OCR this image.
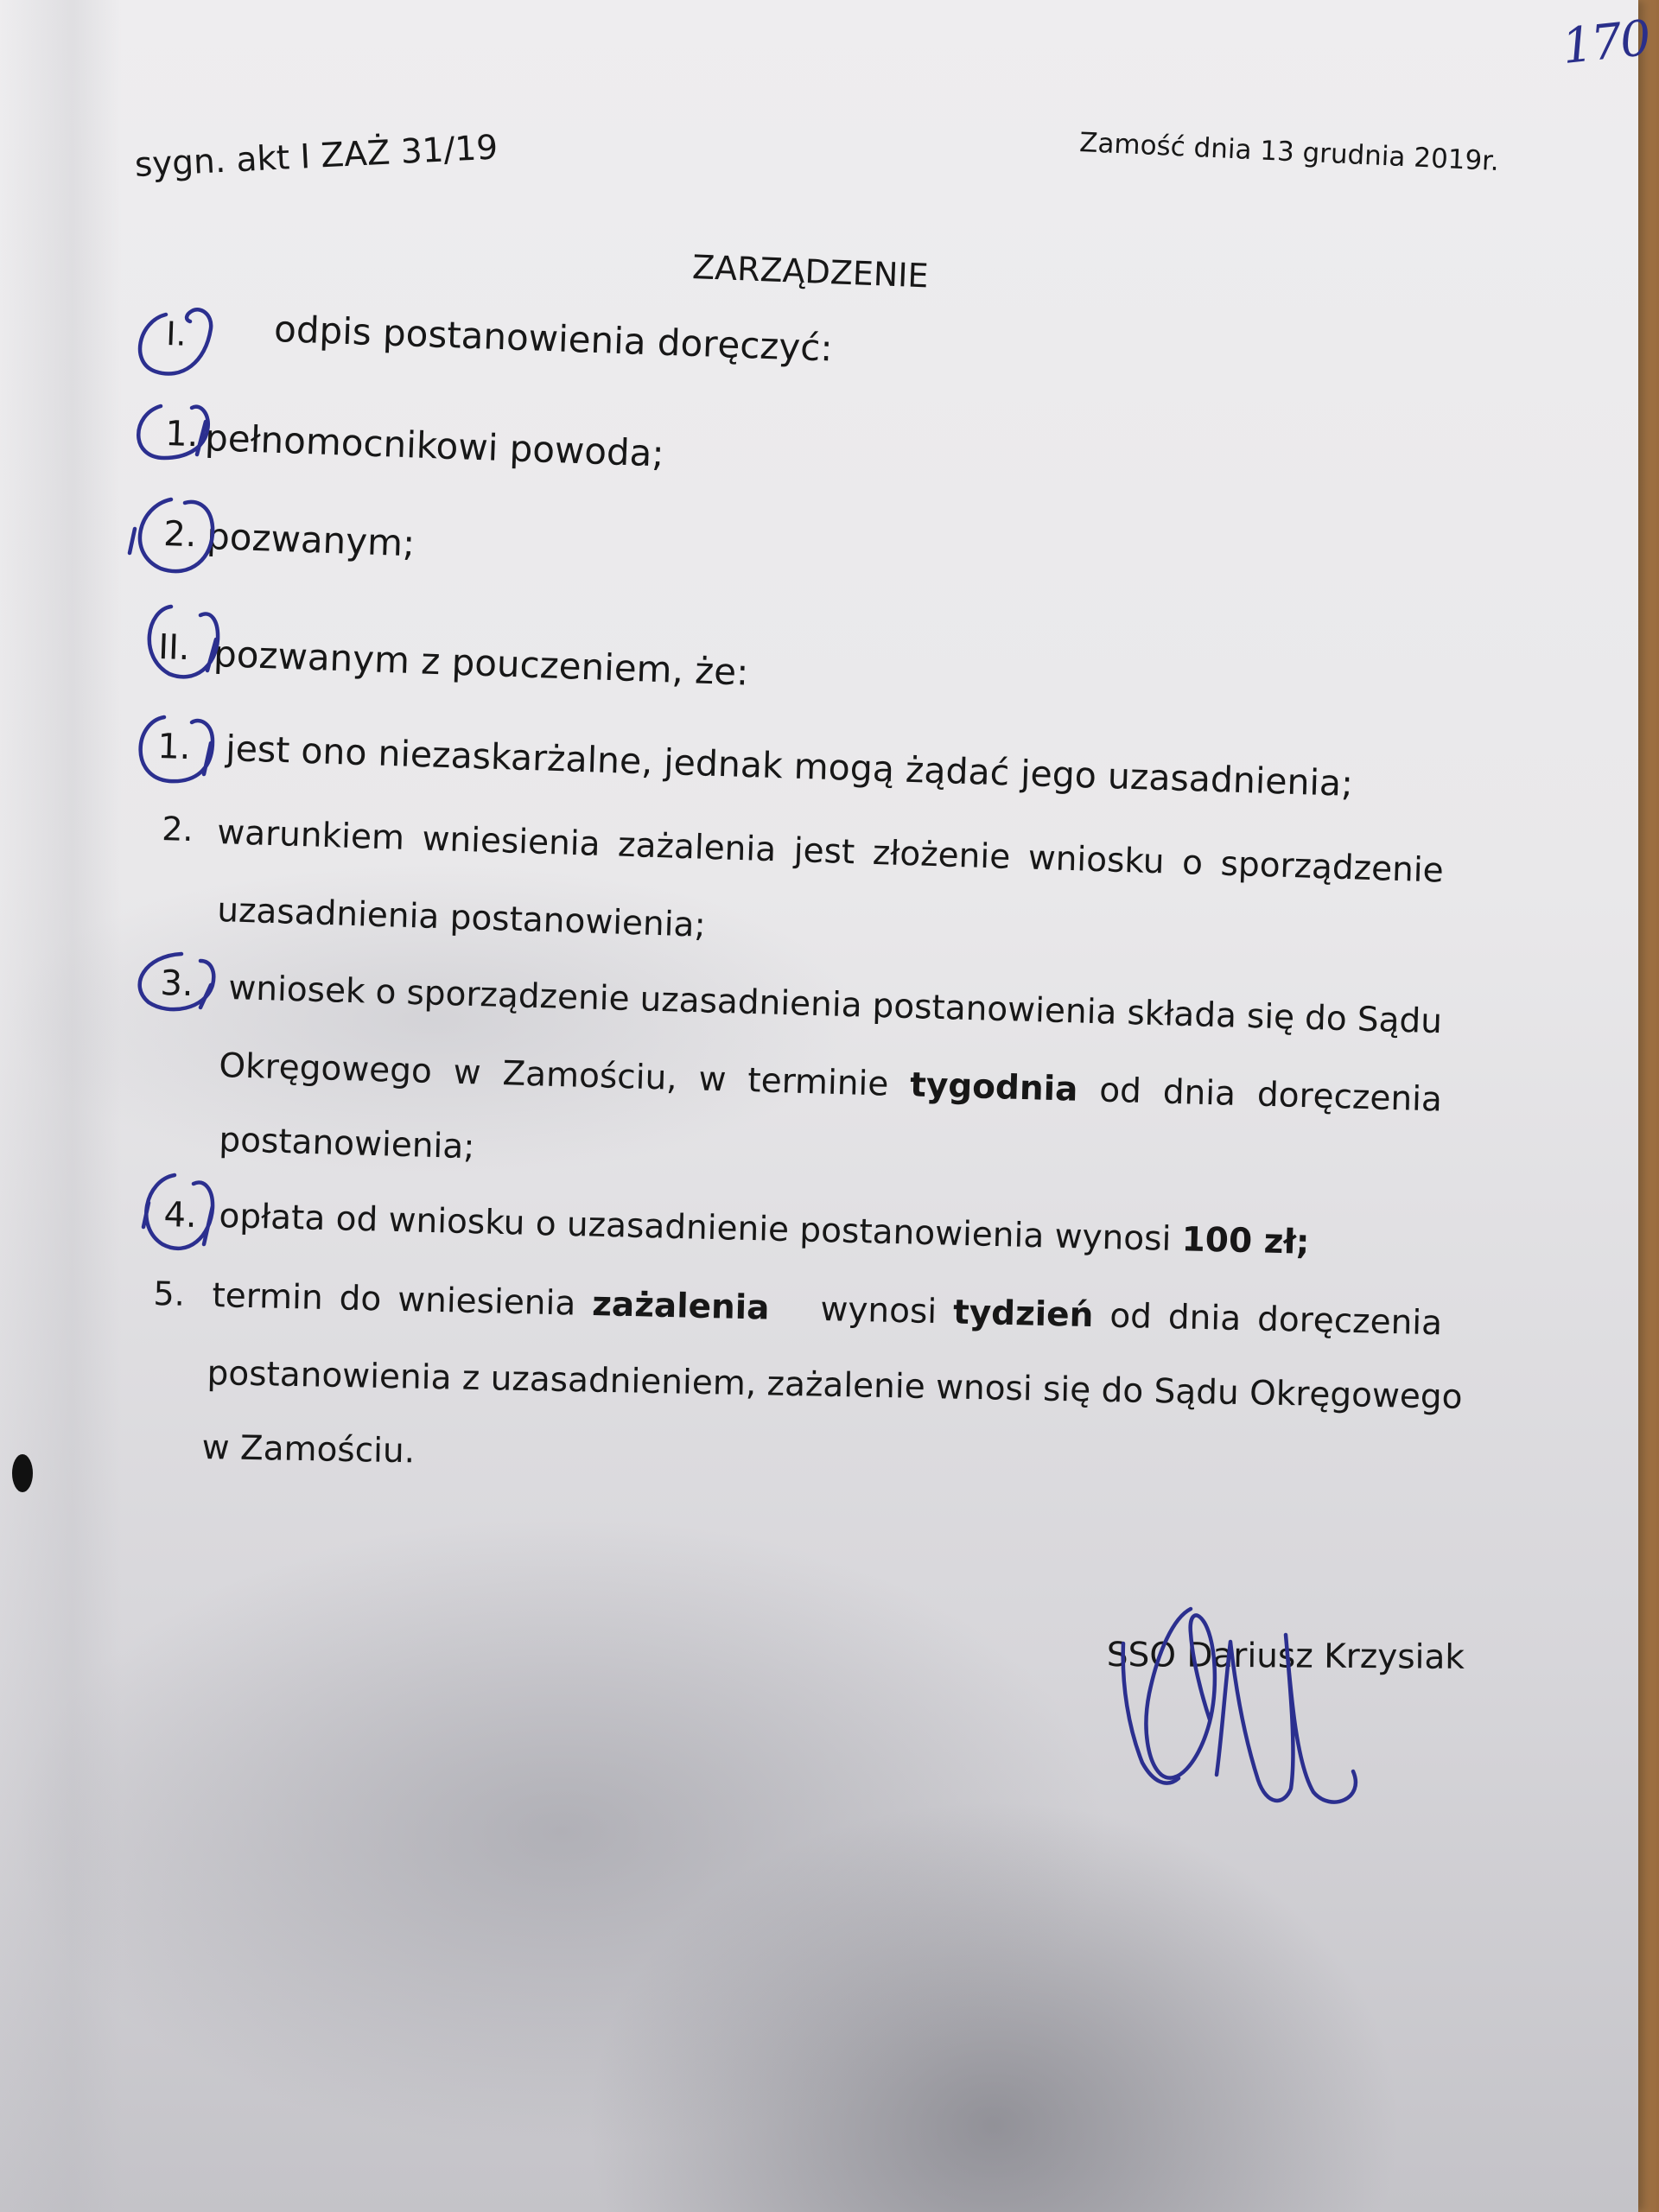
170
sygn. akt I ZAŻ 31/19	Zamość dnia 13 grudnia 2019r.
ZARZĄDZENIE
I. odpis postanowienia doręczyć:
1. pełnomocnikowi powoda;
2. pozwanym;
II. pozwanym z pouczeniem, że:
1. jest ono niezaskarżalne, jednak mogą żądać jego uzasadnienia;
2. warunkiem wniesienia zażalenia jest złożenie wniosku o sporządzenie
uzasadnienia postanowienia;
3. wniosek o sporządzenie uzasadnienia postanowienia składa się do Sądu
Okręgowego w Zamościu, w terminie tygodnia od dnia doręczenia
postanowienia;
4. opłata od wniosku o uzasadnienie postanowienia wynosi 100 zł;
5. termin do wniesienia zażalenia wynosi tydzień od dnia doręczenia
postanowienia z uzasadnieniem, zażalenie wnosi się do Sądu Okręgowego
w Zamościu.
SSO Dariusz Krzysiak
